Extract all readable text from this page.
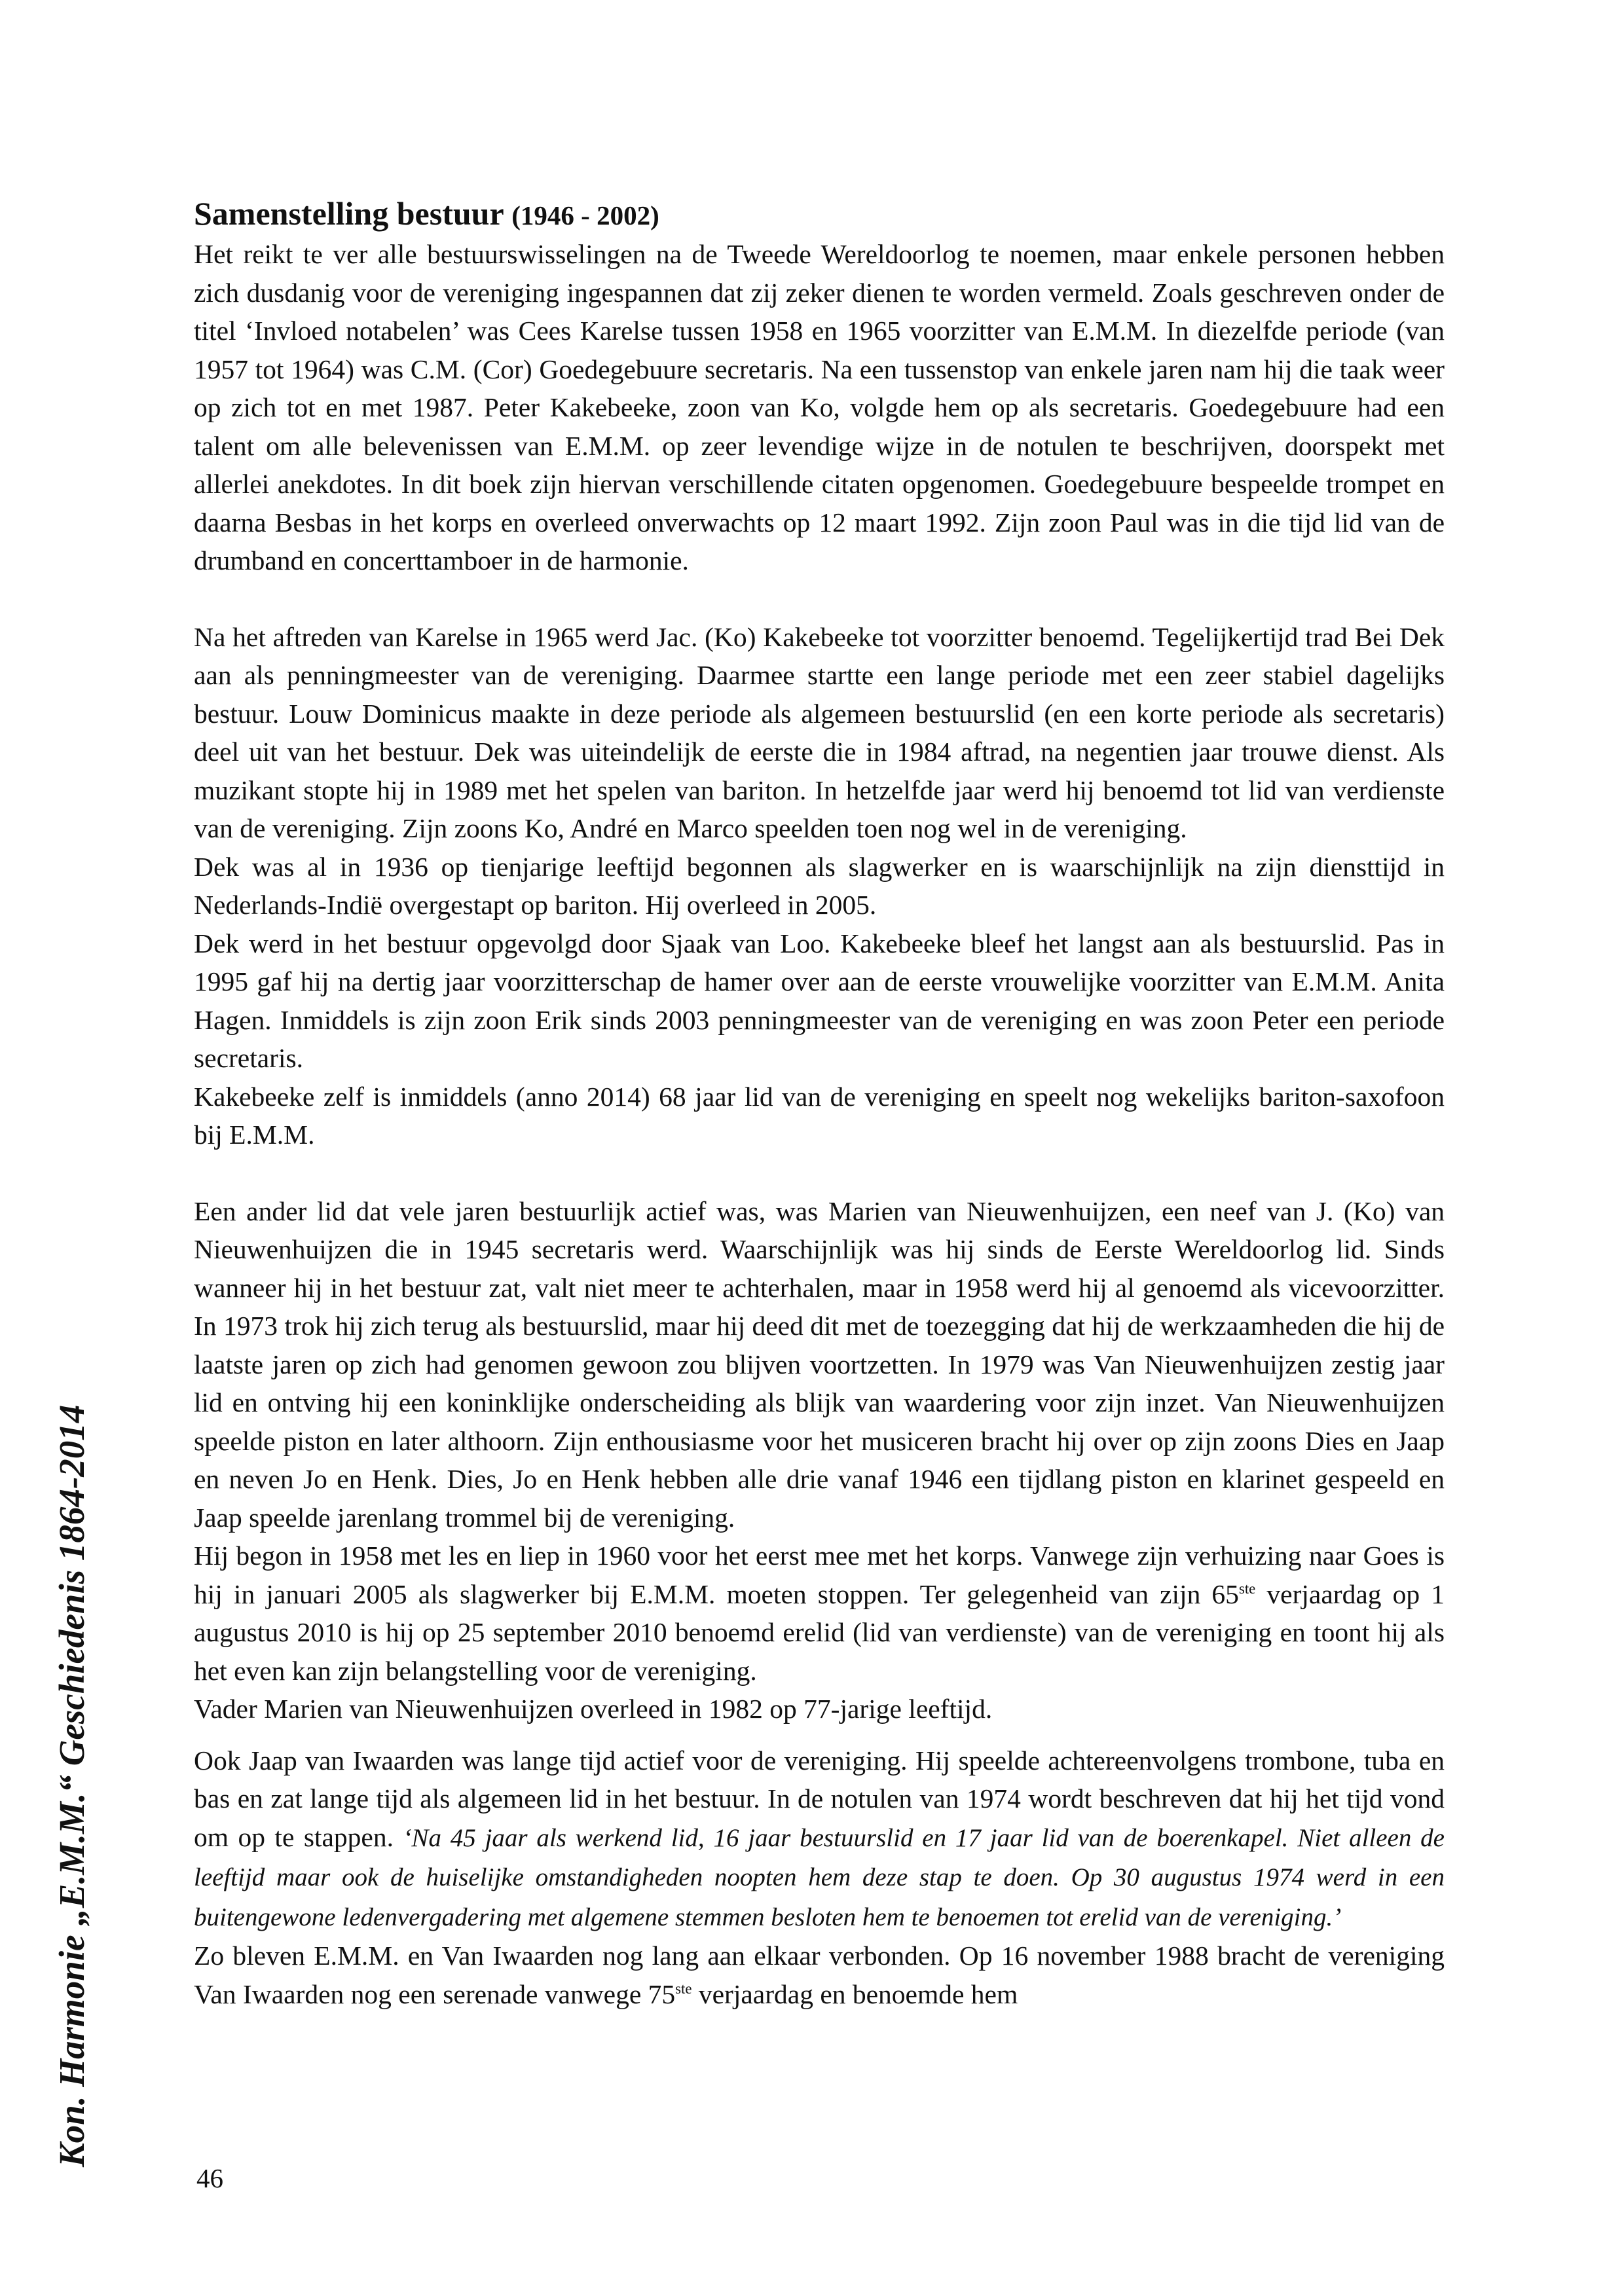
Samenstelling bestuur (1946 - 2002)

Het reikt te ver alle bestuurswisselingen na de Tweede Wereldoorlog te noemen, maar enkele personen hebben zich dusdanig voor de vereniging ingespannen dat zij zeker dienen te worden vermeld. Zoals geschreven onder de titel ‘Invloed notabelen’ was Cees Karelse tussen 1958 en 1965 voorzitter van E.M.M. In diezelfde periode (van 1957 tot 1964) was C.M. (Cor) Goedegebuure secretaris. Na een tussenstop van enkele jaren nam hij die taak weer op zich tot en met 1987. Peter Kakebeeke, zoon van Ko, volgde hem op als secretaris. Goedegebuure had een talent om alle belevenissen van E.M.M. op zeer levendige wijze in de notulen te beschrijven, doorspekt met allerlei anekdotes. In dit boek zijn hiervan verschillende citaten opgenomen. Goedegebuure bespeelde trompet en daarna Besbas in het korps en overleed onverwachts op 12 maart 1992. Zijn zoon Paul was in die tijd lid van de drumband en concerttamboer in de harmonie.

Na het aftreden van Karelse in 1965 werd Jac. (Ko) Kakebeeke tot voorzitter benoemd. Tegelijkertijd trad Bei Dek aan als penningmeester van de vereniging. Daarmee startte een lange periode met een zeer stabiel dagelijks bestuur. Louw Dominicus maakte in deze periode als algemeen bestuurslid (en een korte periode als secretaris) deel uit van het bestuur. Dek was uiteindelijk de eerste die in 1984 aftrad, na negentien jaar trouwe dienst. Als muzikant stopte hij in 1989 met het spelen van bariton. In hetzelfde jaar werd hij benoemd tot lid van verdienste van de vereniging. Zijn zoons Ko, André en Marco speelden toen nog wel in de vereniging.

Dek was al in 1936 op tienjarige leeftijd begonnen als slagwerker en is waarschijnlijk na zijn diensttijd in Nederlands-Indië overgestapt op bariton. Hij overleed in 2005.

Dek werd in het bestuur opgevolgd door Sjaak van Loo. Kakebeeke bleef het langst aan als bestuurslid. Pas in 1995 gaf hij na dertig jaar voorzitterschap de hamer over aan de eerste vrouwelijke voorzitter van E.M.M. Anita Hagen. Inmiddels is zijn zoon Erik sinds 2003 penningmeester van de vereniging en was zoon Peter een periode secretaris.

Kakebeeke zelf is inmiddels (anno 2014) 68 jaar lid van de vereniging en speelt nog wekelijks bariton-saxofoon bij E.M.M.

Een ander lid dat vele jaren bestuurlijk actief was, was Marien van Nieuwenhuijzen, een neef van J. (Ko) van Nieuwenhuijzen die in 1945 secretaris werd. Waarschijnlijk was hij sinds de Eerste Wereldoorlog lid. Sinds wanneer hij in het bestuur zat, valt niet meer te achterhalen, maar in 1958 werd hij al genoemd als vicevoorzitter. In 1973 trok hij zich terug als bestuurslid, maar hij deed dit met de toezegging dat hij de werkzaamheden die hij de laatste jaren op zich had genomen gewoon zou blijven voortzetten. In 1979 was Van Nieuwenhuijzen zestig jaar lid en ontving hij een koninklijke onderscheiding als blijk van waardering voor zijn inzet. Van Nieuwenhuijzen speelde piston en later althoorn. Zijn enthousiasme voor het musiceren bracht hij over op zijn zoons Dies en Jaap en neven Jo en Henk. Dies, Jo en Henk hebben alle drie vanaf 1946 een tijdlang piston en klarinet gespeeld en Jaap speelde jarenlang trommel bij de vereniging.

Hij begon in 1958 met les en liep in 1960 voor het eerst mee met het korps. Vanwege zijn verhuizing naar Goes is hij in januari 2005 als slagwerker bij E.M.M. moeten stoppen. Ter gelegenheid van zijn 65ste verjaardag op 1 augustus 2010 is hij op 25 september 2010 benoemd erelid (lid van verdienste) van de vereniging en toont hij als het even kan zijn belangstelling voor de vereniging.

Vader Marien van Nieuwenhuijzen overleed in 1982 op 77-jarige leeftijd.

Ook Jaap van Iwaarden was lange tijd actief voor de vereniging. Hij speelde achtereenvolgens trombone, tuba en bas en zat lange tijd als algemeen lid in het bestuur. In de notulen van 1974 wordt beschreven dat hij het tijd vond om op te stappen. ‘Na 45 jaar als werkend lid, 16 jaar bestuurslid en 17 jaar lid van de boerenkapel. Niet alleen de leeftijd maar ook de huiselijke omstandigheden noopten hem deze stap te doen. Op 30 augustus 1974 werd in een buitengewone ledenvergadering met algemene stemmen besloten hem te benoemen tot erelid van de vereniging.’

Zo bleven E.M.M. en Van Iwaarden nog lang aan elkaar verbonden. Op 16 november 1988 bracht de vereniging Van Iwaarden nog een serenade vanwege 75ste verjaardag en benoemde hem

Kon. Harmonie „E.M.M.“ Geschiedenis 1864-2014
46
